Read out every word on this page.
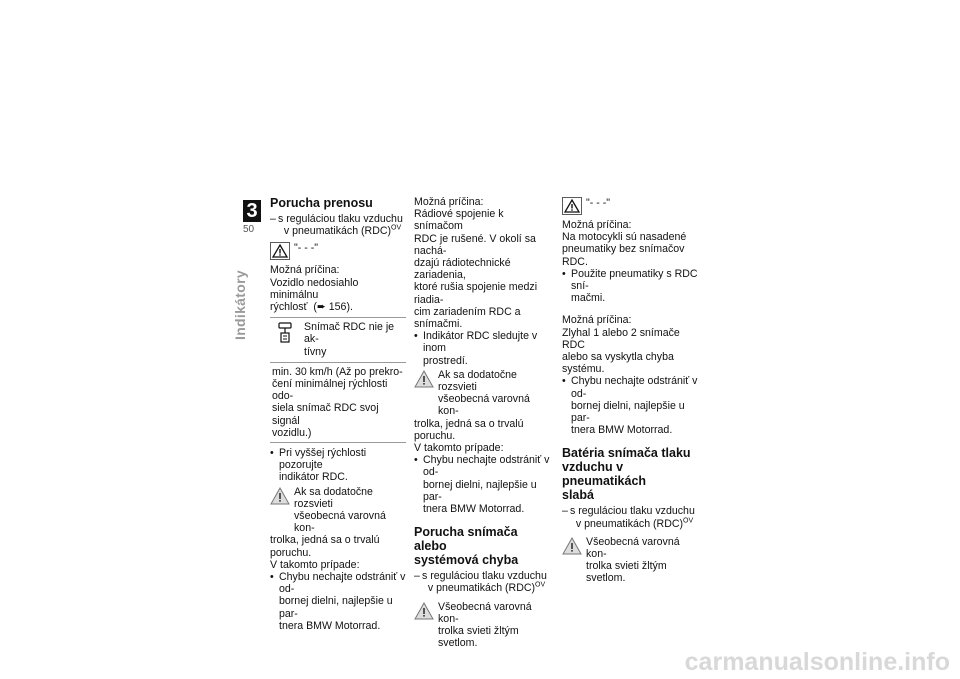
3
50
Indikátory
Porucha prenosu
– s reguláciou tlaku vzduchu
v pneumatikách (RDC)$^{OV}$
"- - -"

Možná príčina:

Vozidlo nedosiahlo minimálnu

rýchlosť (➨ 156).

Snímač RDC nie je ak-
tívny
min. 30 km/h (Až po prekro-
čení minimálnej rýchlosti odo-
siela snímač RDC svoj signál
vozidlu.)
• Pri vyššej rýchlosti pozorujte
indikátor RDC.
Ak sa dodatočne rozsvieti
všeobecná varovná kon-

trolka, jedná sa o trvalú poruchu.

V takomto prípade:

• Chybu nechajte odstrániť v od-
bornej dielni, najlepšie u par-
tnera BMW Motorrad.

Možná príčina:

Rádiové spojenie k snímačom

RDC je rušené. V okolí sa nachá-

dzajú rádiotechnické zariadenia,

ktoré rušia spojenie medzi riadia-

cim zariadením RDC a snímačmi.

• Indikátor RDC sledujte v inom
prostredí.
Ak sa dodatočne rozsvieti
všeobecná varovná kon-

trolka, jedná sa o trvalú poruchu.

V takomto prípade:

• Chybu nechajte odstrániť v od-
bornej dielni, najlepšie u par-
tnera BMW Motorrad.
Porucha snímača alebo
systémová chyba
– s reguláciou tlaku vzduchu
v pneumatikách (RDC)$^{OV}$
Všeobecná varovná kon-
trolka svieti žltým svetlom.
"- - -"

Možná príčina:

Na motocykli sú nasadené

pneumatiky bez snímačov RDC.

• Použite pneumatiky s RDC sní-
mačmi.

Možná príčina:

Zlyhal 1 alebo 2 snímače RDC

alebo sa vyskytla chyba systému.

• Chybu nechajte odstrániť v od-
bornej dielni, najlepšie u par-
tnera BMW Motorrad.
Batéria snímača tlaku
vzduchu v pneumatikách
slabá
– s reguláciou tlaku vzduchu
v pneumatikách (RDC)$^{OV}$
Všeobecná varovná kon-
trolka svieti žltým svetlom.
carmanualsonline.info
